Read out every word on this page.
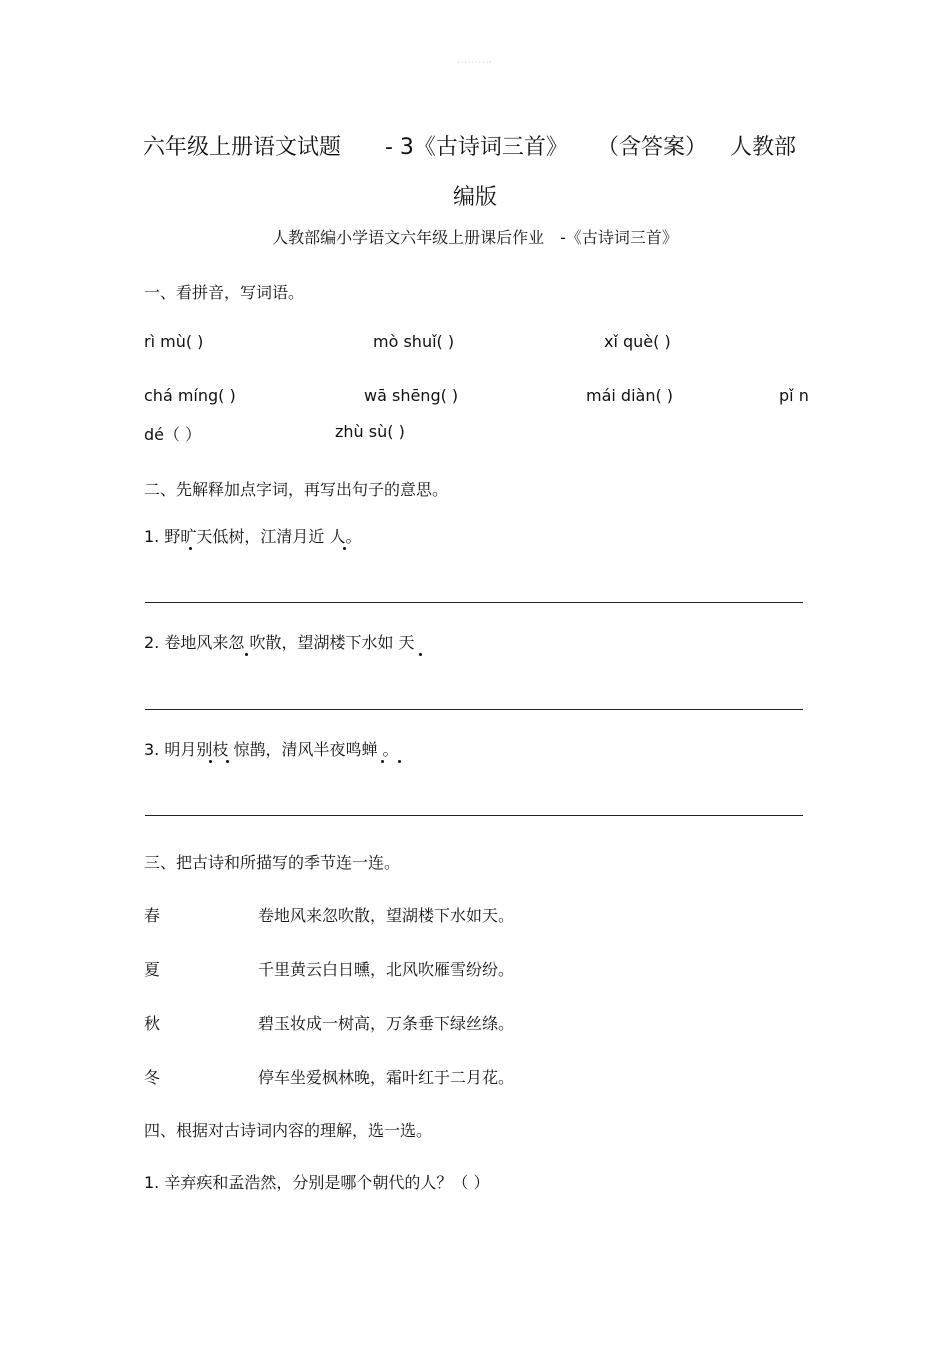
··········
六年级上册语文试题 - 3《古诗词三首》 （含答案） 人教部
编版
人教部编小学语文六年级上册课后作业　-《古诗词三首》
一、看拼音，写词语。
rì mù( )	mò shuǐ( )	xǐ què( )
chá míng( )	wā shēng( )	mái diàn( )	pǐ n
dé（ ）	zhù sù( )
二、先解释加点字词，再写出句子的意思。
1. 野旷天低树，江清月近 人。
2. 卷地风来忽 吹散，望湖楼下水如 天
3. 明月别枝 惊鹊，清风半夜鸣蝉 。
三、把古诗和所描写的季节连一连。
春	卷地风来忽吹散，望湖楼下水如天。
夏	千里黄云白日曛，北风吹雁雪纷纷。
秋	碧玉妆成一树高，万条垂下绿丝绦。
冬	停车坐爱枫林晚，霜叶红于二月花。
四、根据对古诗词内容的理解，选一选。
1. 辛弃疾和孟浩然，分别是哪个朝代的人？（ ）
